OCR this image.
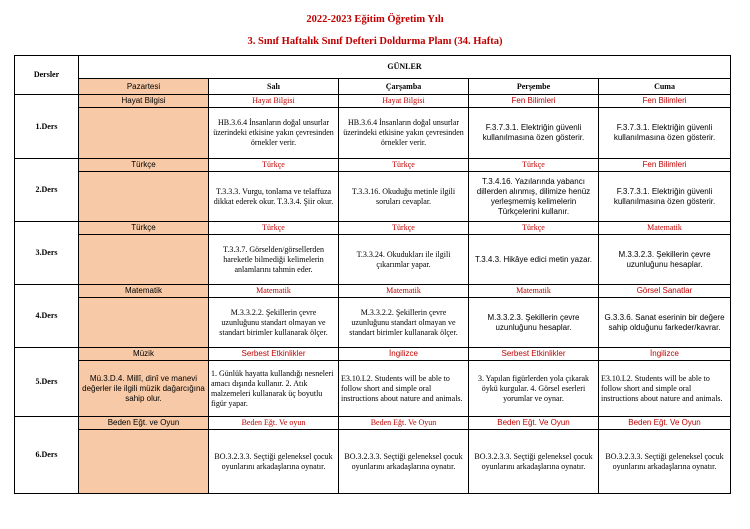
2022-2023 Eğitim Öğretim Yılı
3. Sınıf Haftalık Sınıf Defteri Doldurma Planı (34. Hafta)
Dersler	GÜNLER				
	Pazartesi	Salı	Çarşamba	Perşembe	Cuma
1.Ders	Hayat Bilgisi	Hayat Bilgisi	Hayat Bilgisi	Fen Bilimleri	Fen Bilimleri
		HB.3.6.4 İnsanların doğal unsurlar üzerindeki etkisine yakın çevresinden örnekler verir.	HB.3.6.4 İnsanların doğal unsurlar üzerindeki etkisine yakın çevresinden örnekler verir.	F.3.7.3.1. Elektriğin güvenli kullanılmasına özen gösterir.	F.3.7.3.1. Elektriğin güvenli kullanılmasına özen gösterir.
2.Ders	Türkçe	Türkçe	Türkçe	Türkçe	Fen Bilimleri
		T.3.3.3. Vurgu, tonlama ve telaffuza dikkat ederek okur. T.3.3.4. Şiir okur.	T.3.3.16. Okuduğu metinle ilgili soruları cevaplar.	T.3.4.16. Yazılarında yabancı dillerden alınmış, dilimize henüz yerleşmemiş kelimelerin Türkçelerini kullanır.	F.3.7.3.1. Elektriğin güvenli kullanılmasına özen gösterir.
3.Ders	Türkçe	Türkçe	Türkçe	Türkçe	Matematik
		T.3.3.7. Görselden/görsellerden hareketle bilmediği kelimelerin anlamlarını tahmin eder.	T.3.3.24. Okudukları ile ilgili çıkarımlar yapar.	T.3.4.3. Hikâye edici metin yazar.	M.3.3.2.3. Şekillerin çevre uzunluğunu hesaplar.
4.Ders	Matematik	Matematik	Matematik	Matematik	Görsel Sanatlar
		M.3.3.2.2. Şekillerin çevre uzunluğunu standart olmayan ve standart birimler kullanarak ölçer.	M.3.3.2.2. Şekillerin çevre uzunluğunu standart olmayan ve standart birimler kullanarak ölçer.	M.3.3.2.3. Şekillerin çevre uzunluğunu hesaplar.	G.3.3.6. Sanat eserinin bir değere sahip olduğunu farkeder/kavrar.
5.Ders	Müzik	Serbest Etkinlikler	İngilizce	Serbest Etkinlikler	İngilizce
	Mü.3.D.4. Millî, dinî ve manevi değerler ile ilgili müzik dağarcığına sahip olur.	1. Günlük hayatta kullandığı nesneleri amacı dışında kullanır. 2. Atık malzemeleri kullanarak üç boyutlu figür yapar.	E3.10.L2. Students will be able to follow short and simple oral instructions about nature and animals.	3. Yapılan figürlerden yola çıkarak öykü kurgular. 4. Görsel eserleri yorumlar ve oynar.	E3.10.L2. Students will be able to follow short and simple oral instructions about nature and animals.
6.Ders	Beden Eğt. ve Oyun	Beden Eğt. Ve oyun	Beden Eğt. Ve Oyun	Beden Eğt. Ve Oyun	Beden Eğt. Ve Oyun
		BO.3.2.3.3. Seçtiği geleneksel çocuk oyunlarını arkadaşlarına oynatır.	BO.3.2.3.3. Seçtiği geleneksel çocuk oyunlarını arkadaşlarına oynatır.	BO.3.2.3.3. Seçtiği geleneksel çocuk oyunlarını arkadaşlarına oynatır.	BO.3.2.3.3. Seçtiği geleneksel çocuk oyunlarını arkadaşlarına oynatır.
